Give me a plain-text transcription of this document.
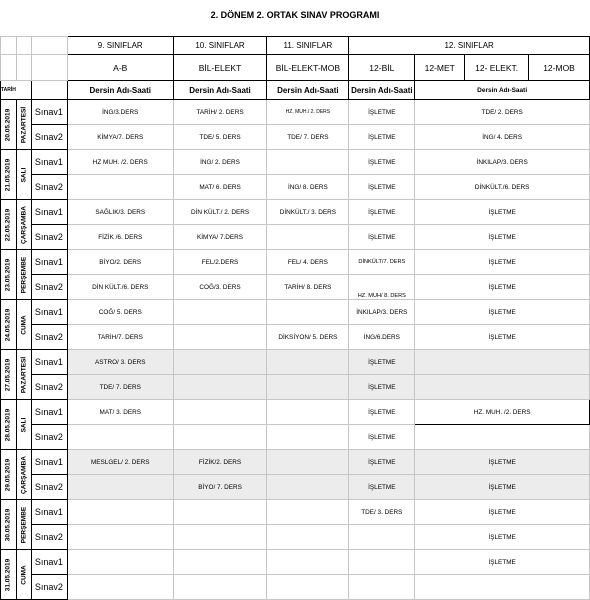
2. DÖNEM 2. ORTAK SINAV PROGRAMI
			9. SINIFLAR	10. SINIFLAR	11. SINIFLAR	12. SINIFLAR			
			A-B	BİL-ELEKT	BİL-ELEKT-MOB	12-BİL	12-MET	12- ELEKT.	12-MOB
TARİH			Dersin Adı-Saati	Dersin Adı-Saati	Dersin Adı-Saati	Dersin Adı-Saati	Dersin Adı-Saati		

20.05.2019	PAZARTESİ	Sınav1	İNG/3.DERS	TARİH/ 2. DERS	HZ. MUH./ 2. DERS	İŞLETME	TDE/ 2. DERS		
		Sınav2	KİMYA/7. DERS	TDE/ 5. DERS	TDE/ 7. DERS	İŞLETME	İNG/ 4. DERS		

21.05.2019	SALI	Sınav1	HZ MUH. /2. DERS	İNG/ 2. DERS		İŞLETME	İNKILAP/3. DERS		
		Sınav2		MAT/ 6. DERS	İNG/ 8. DERS	İŞLETME	DİNKÜLT./6. DERS		

22.05.2019	ÇARŞAMBA	Sınav1	SAĞLIK/3. DERS	DİN KÜLT./ 2. DERS	DİNKÜLT./ 3. DERS	İŞLETME	İŞLETME		
		Sınav2	FİZİK /6. DERS	KİMYA/ 7.DERS		İŞLETME	İŞLETME		

23.05.2019	PERŞEMBE	Sınav1	BİYO/2. DERS	FEL/2.DERS	FEL/ 4. DERS	DİNKÜLT/7. DERS	İŞLETME		
		Sınav2	DİN KÜLT./6. DERS	COĞ/3. DERS	TARİH/ 8. DERS	HZ. MUH/ 8. DERS	İŞLETME		

24.05.2019	CUMA	Sınav1	COĞ/ 5. DERS			İNKILAP/3. DERS	İŞLETME		
		Sınav2	TARİH/7. DERS		DİKSİYON/ 5. DERS	İNG/6.DERS	İŞLETME		

27.05.2019	PAZARTESİ	Sınav1	ASTRO/ 3. DERS			İŞLETME			
		Sınav2	TDE/ 7. DERS			İŞLETME			

28.05.2019	SALI	Sınav1	MAT/ 3. DERS			İŞLETME	HZ. MUH. /2. DERS		
		Sınav2				İŞLETME			

29.05.2019	ÇARŞAMBA	Sınav1	MESLGEL/ 2. DERS	FİZİK/2. DERS		İŞLETME	İŞLETME		
		Sınav2		BİYO/ 7. DERS		İŞLETME	İŞLETME		

30.05.2019	PERŞEMBE	Sınav1				TDE/ 3. DERS	İŞLETME		
		Sınav2					İŞLETME		

31.05.2019	CUMA	Sınav1					İŞLETME		
		Sınav2							
